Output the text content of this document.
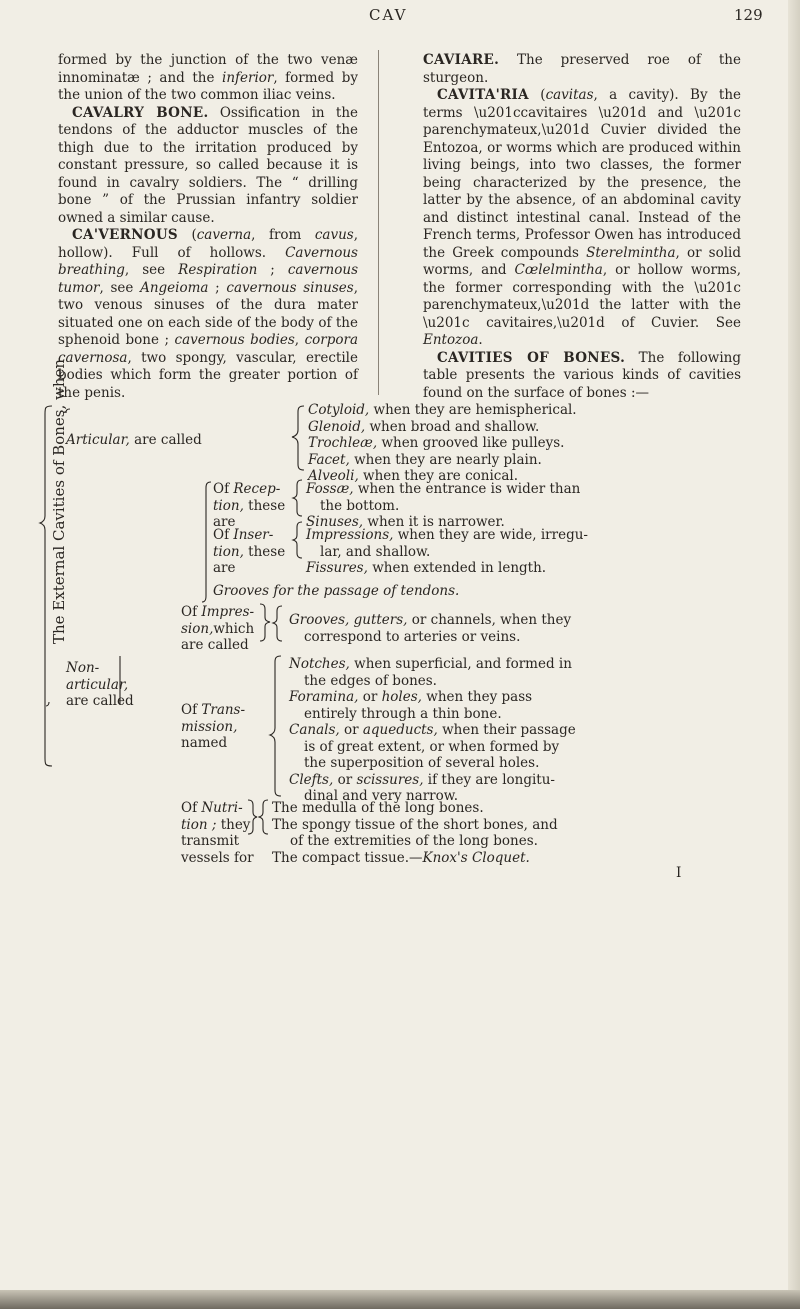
CAV	129

formed by the junction of the two venæ innominatæ ; and the inferior, formed by the union of the two common iliac veins.

CAVALRY BONE. Ossification in the tendons of the adductor muscles of the thigh due to the irritation produced by constant pressure, so called because it is found in cavalry soldiers. The “ drilling bone ” of the Prussian infantry soldier owned a similar cause.

CA'VERNOUS (caverna, from cavus, hollow). Full of hollows. Cavernous breathing, see Respiration ; cavernous tumor, see Angeioma ; cavernous sinuses, two venous sinuses of the dura mater situated one on each side of the body of the sphenoid bone ; cavernous bodies, corpora cavernosa, two spongy, vascular, erectile bodies which form the greater portion of the penis.

CAVIARE. The preserved roe of the sturgeon.

CAVITA'RIA (cavitas, a cavity). By the terms \u201ccavitaires \u201d and \u201c parenchymateux,\u201d Cuvier divided the Entozoa, or worms which are produced within living beings, into two classes, the former being characterized by the presence, the latter by the absence, of an abdominal cavity and distinct intestinal canal. Instead of the French terms, Professor Owen has introduced the Greek compounds Sterelmintha, or solid worms, and Cœlelmintha, or hollow worms, the former corresponding with the \u201c parenchymateux,\u201d the latter with the \u201c cavitaires,\u201d of Cuvier. See Entozoa.

CAVITIES OF BONES. The following table presents the various kinds of cavities found on the surface of bones :—

The External Cavities of Bones, when
Articular, are called
Cotyloid, when they are hemispherical.
Glenoid, when broad and shallow.
Trochleæ, when grooved like pulleys.
Facet, when they are nearly plain.
Alveoli, when they are conical.
Of Recep-
tion, these
are
Fossæ, when the entrance is wider than
the bottom.
Sinuses, when it is narrower.
Of Inser-
tion, these
are
Impressions, when they are wide, irregu-
lar, and shallow.
Fissures, when extended in length.
Grooves for the passage of tendons.
Of Impres-
sion,which
are called
Grooves, gutters, or channels, when they
correspond to arteries or veins.
Non-
articular,
are called
Of Trans-
mission,
named
Notches, when superficial, and formed in
the edges of bones.
Foramina, or holes, when they pass
entirely through a thin bone.
Canals, or aqueducts, when their passage
is of great extent, or when formed by
the superposition of several holes.
Clefts, or scissures, if they are longitu-
dinal and very narrow.
Of Nutri-
tion ; they
transmit
vessels for
The medulla of the long bones.
The spongy tissue of the short bones, and
of the extremities of the long bones.
The compact tissue.—Knox's Cloquet.
I
